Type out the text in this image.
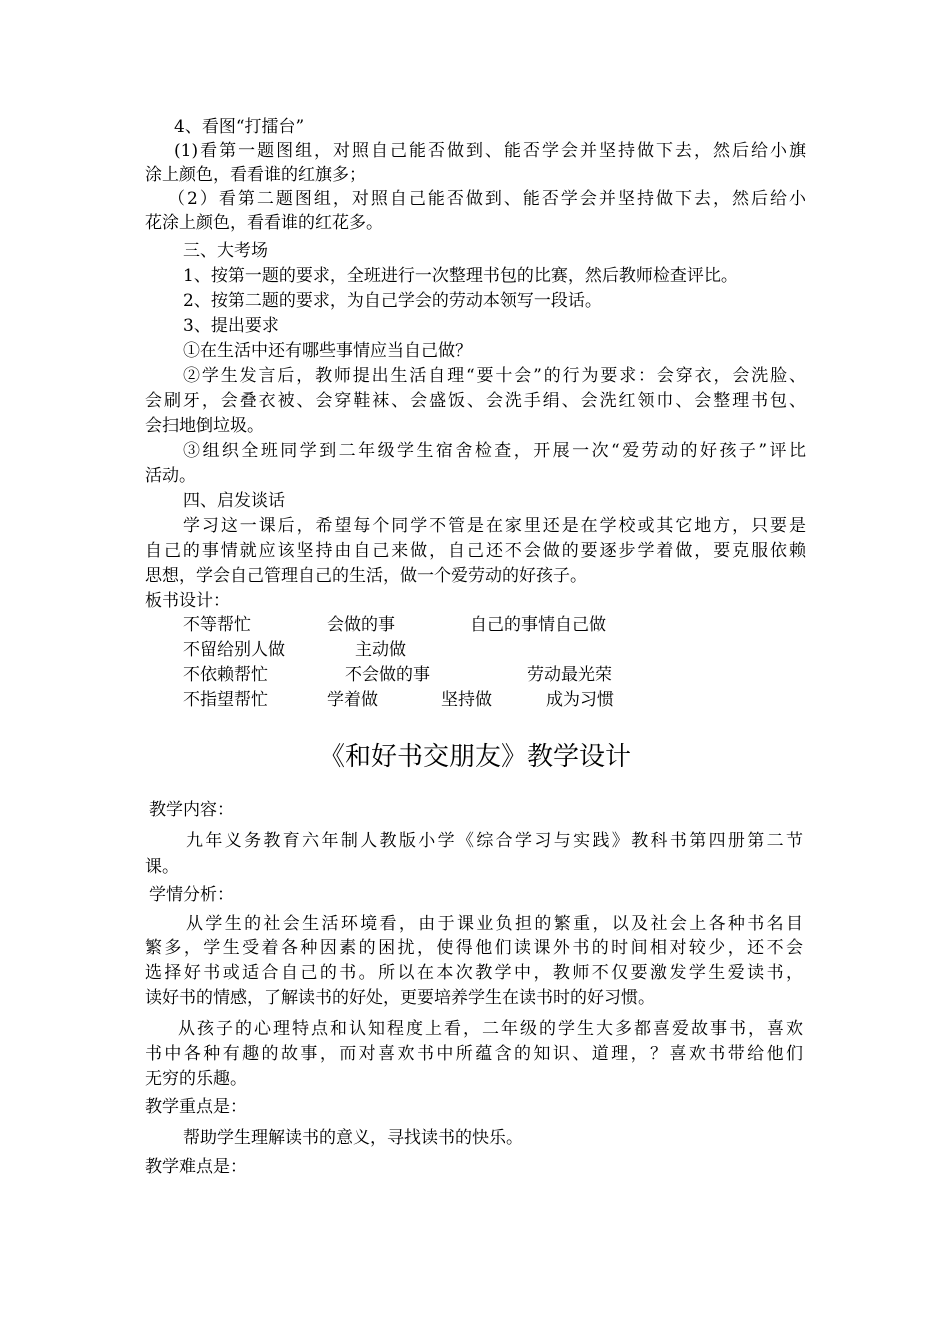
4、看图“打擂台”
(1)看第一题图组，对照自己能否做到、能否学会并坚持做下去，然后给小旗
涂上颜色，看看谁的红旗多；
（2）看第二题图组，对照自己能否做到、能否学会并坚持做下去，然后给小
花涂上颜色，看看谁的红花多。
三、大考场
1、按第一题的要求，全班进行一次整理书包的比赛，然后教师检查评比。
2、按第二题的要求，为自己学会的劳动本领写一段话。
3、提出要求
①在生活中还有哪些事情应当自己做？
②学生发言后，教师提出生活自理“要十会”的行为要求：会穿衣，会洗脸、
会刷牙，会叠衣被、会穿鞋袜、会盛饭、会洗手绢、会洗红领巾、会整理书包、
会扫地倒垃圾。
③组织全班同学到二年级学生宿舍检查，开展一次“爱劳动的好孩子”评比
活动。
四、启发谈话
学习这一课后，希望每个同学不管是在家里还是在学校或其它地方，只要是
自己的事情就应该坚持由自己来做，自己还不会做的要逐步学着做，要克服依赖
思想，学会自己管理自己的生活，做一个爱劳动的好孩子。
板书设计：
不等帮忙	会做的事	自己的事情自己做
不留给别人做	主动做
不依赖帮忙	不会做的事	劳动最光荣
不指望帮忙	学着做	坚持做	成为习惯
《和好书交朋友》教学设计
教学内容：
九年义务教育六年制人教版小学《综合学习与实践》教科书第四册第二节
课。
学情分析：
从学生的社会生活环境看，由于课业负担的繁重，以及社会上各种书名目
繁多，学生受着各种因素的困扰，使得他们读课外书的时间相对较少，还不会
选择好书或适合自己的书。所以在本次教学中，教师不仅要激发学生爱读书，
读好书的情感，了解读书的好处，更要培养学生在读书时的好习惯。
从孩子的心理特点和认知程度上看，二年级的学生大多都喜爱故事书，喜欢
书中各种有趣的故事，而对喜欢书中所蕴含的知识、道理，？喜欢书带给他们
无穷的乐趣。
教学重点是：
帮助学生理解读书的意义，寻找读书的快乐。
教学难点是：
